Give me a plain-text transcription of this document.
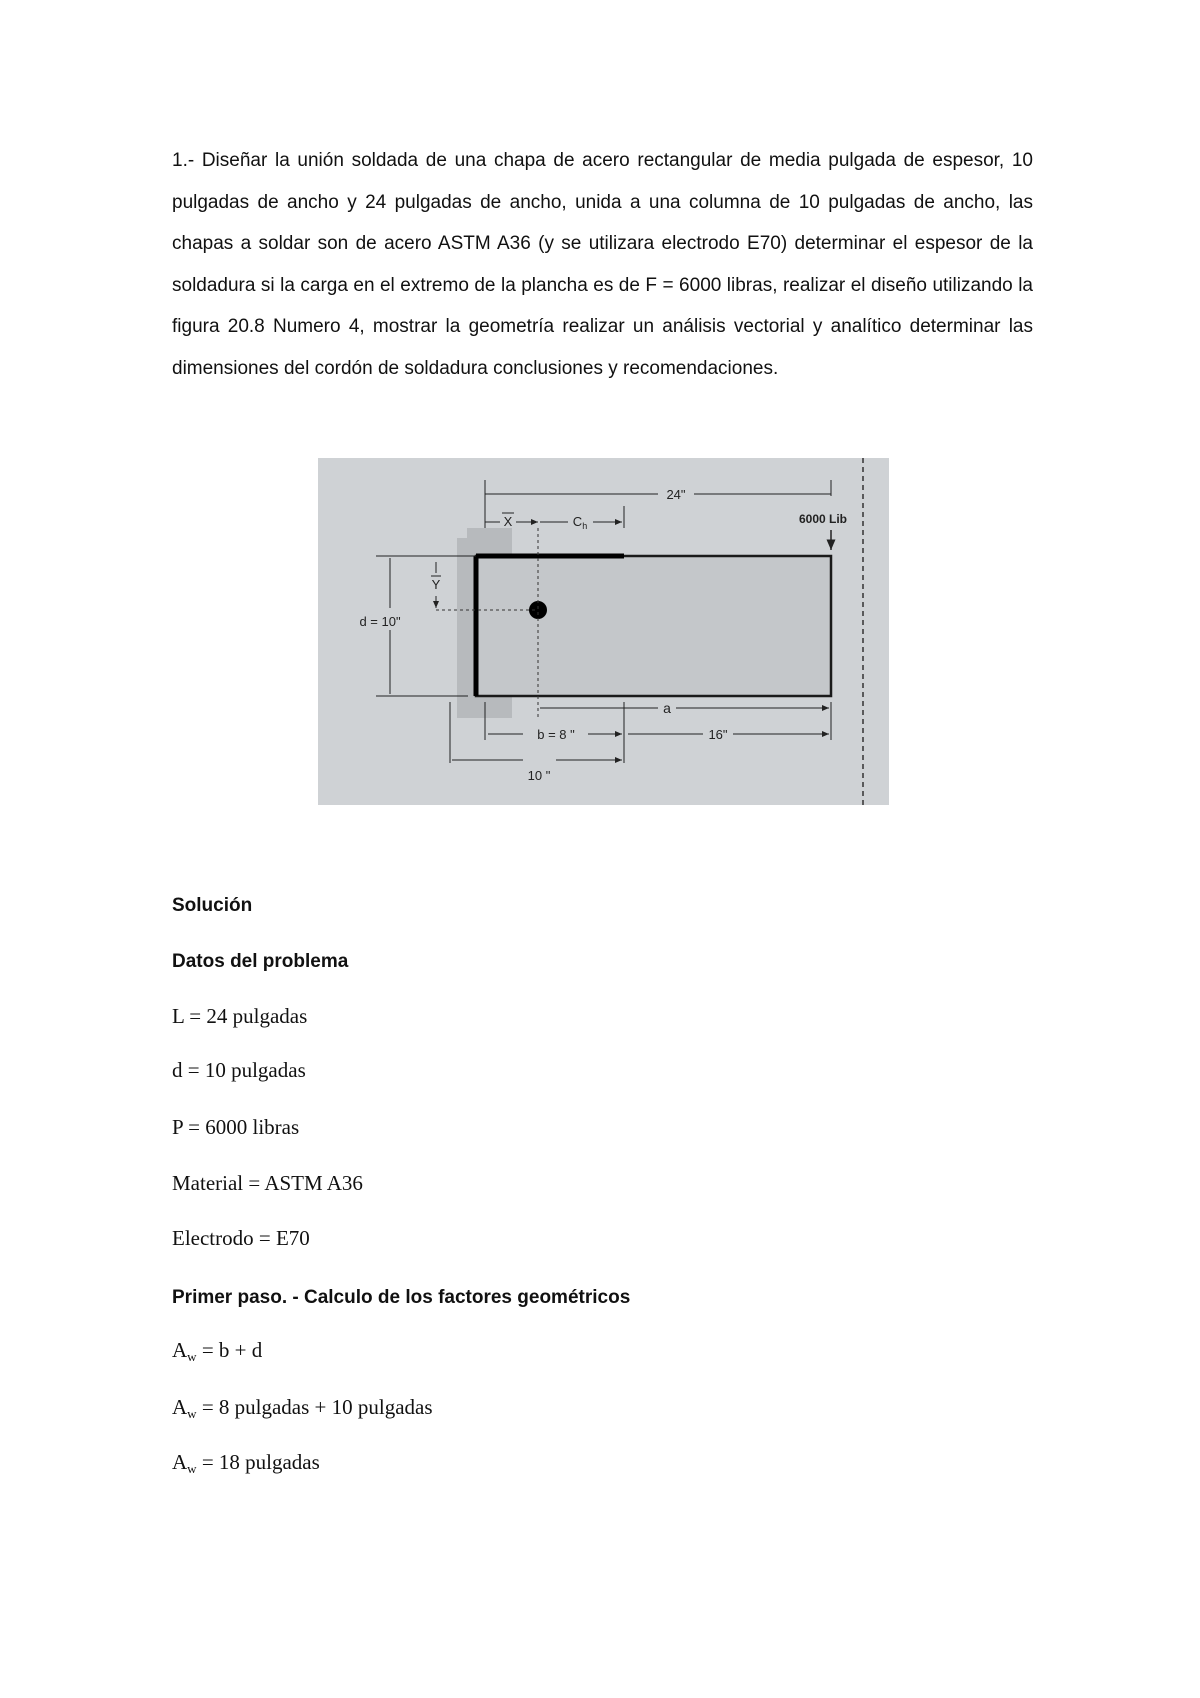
1.- Diseñar la unión soldada de una chapa de acero rectangular de media pulgada de espesor, 10 pulgadas de ancho y 24 pulgadas de ancho, unida a una columna de 10 pulgadas de ancho, las chapas a soldar son de acero ASTM A36 (y se utilizara electrodo E70) determinar el espesor de la soldadura si la carga en el extremo de la plancha es de F = 6000 libras, realizar el diseño utilizando la figura 20.8 Numero 4, mostrar la geometría realizar un análisis vectorial y analítico determinar las dimensiones del cordón de soldadura conclusiones y recomendaciones.

24"
X	$C_h$	6000 Lib
Y
d = 10"
a
b = 8 "	16"
10 "

Solución

Datos del problema

L = 24 pulgadas

d = 10 pulgadas

P = 6000 libras

Material = ASTM A36

Electrodo = E70

Primer paso. - Calculo de los factores geométricos

$A_w = b + d$

$A_w = 8$ pulgadas + 10 pulgadas

$A_w = 18$ pulgadas
